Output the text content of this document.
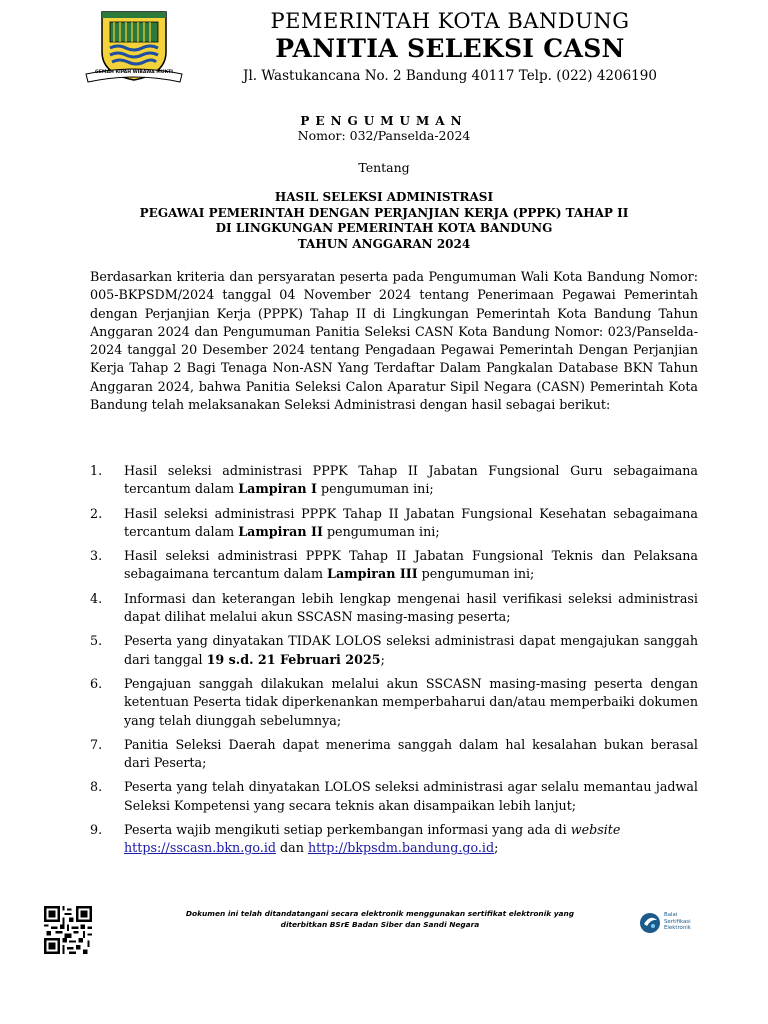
GEMAH RIPAH WIBAWA MUKTI
PEMERINTAH KOTA BANDUNG
PANITIA SELEKSI CASN
Jl. Wastukancana No. 2 Bandung 40117 Telp. (022) 4206190
PENGUMUMAN
Nomor: 032/Panselda-2024
Tentang
HASIL SELEKSI ADMINISTRASI
PEGAWAI PEMERINTAH DENGAN PERJANJIAN KERJA (PPPK) TAHAP II
DI LINGKUNGAN PEMERINTAH KOTA BANDUNG
TAHUN ANGGARAN 2024
Berdasarkan kriteria dan persyaratan peserta pada Pengumuman Wali Kota Bandung Nomor: 005-BKPSDM/2024 tanggal 04 November 2024 tentang Penerimaan Pegawai Pemerintah dengan Perjanjian Kerja (PPPK) Tahap II di Lingkungan Pemerintah Kota Bandung Tahun Anggaran 2024 dan Pengumuman Panitia Seleksi CASN Kota Bandung Nomor: 023/Panselda-2024 tanggal 20 Desember 2024 tentang Pengadaan Pegawai Pemerintah Dengan Perjanjian Kerja Tahap 2 Bagi Tenaga Non-ASN Yang Terdaftar Dalam Pangkalan Database BKN Tahun Anggaran 2024, bahwa Panitia Seleksi Calon Aparatur Sipil Negara (CASN) Pemerintah Kota Bandung telah melaksanakan Seleksi Administrasi dengan hasil sebagai berikut:
1.	Hasil seleksi administrasi PPPK Tahap II Jabatan Fungsional Guru sebagaimana tercantum dalam Lampiran I pengumuman ini;
2.	Hasil seleksi administrasi PPPK Tahap II Jabatan Fungsional Kesehatan sebagaimana tercantum dalam Lampiran II pengumuman ini;
3.	Hasil seleksi administrasi PPPK Tahap II Jabatan Fungsional Teknis dan Pelaksana sebagaimana tercantum dalam Lampiran III pengumuman ini;
4.	Informasi dan keterangan lebih lengkap mengenai hasil verifikasi seleksi administrasi dapat dilihat melalui akun SSCASN masing-masing peserta;
5.	Peserta yang dinyatakan TIDAK LOLOS seleksi administrasi dapat mengajukan sanggah dari tanggal 19 s.d. 21 Februari 2025;
6.	Pengajuan sanggah dilakukan melalui akun SSCASN masing-masing peserta dengan ketentuan Peserta tidak diperkenankan memperbaharui dan/atau memperbaiki dokumen yang telah diunggah sebelumnya;
7.	Panitia Seleksi Daerah dapat menerima sanggah dalam hal kesalahan bukan berasal dari Peserta;
8.	Peserta yang telah dinyatakan LOLOS seleksi administrasi agar selalu memantau jadwal Seleksi Kompetensi yang secara teknis akan disampaikan lebih lanjut;
9.	Peserta wajib mengikuti setiap perkembangan informasi yang ada di website
https://sscasn.bkn.go.id dan http://bkpsdm.bandung.go.id;
Dokumen ini telah ditandatangani secara elektronik menggunakan sertifikat elektronik yang
diterbitkan BSrE Badan Siber dan Sandi Negara
Balai
Sertifikasi
Elektronik
